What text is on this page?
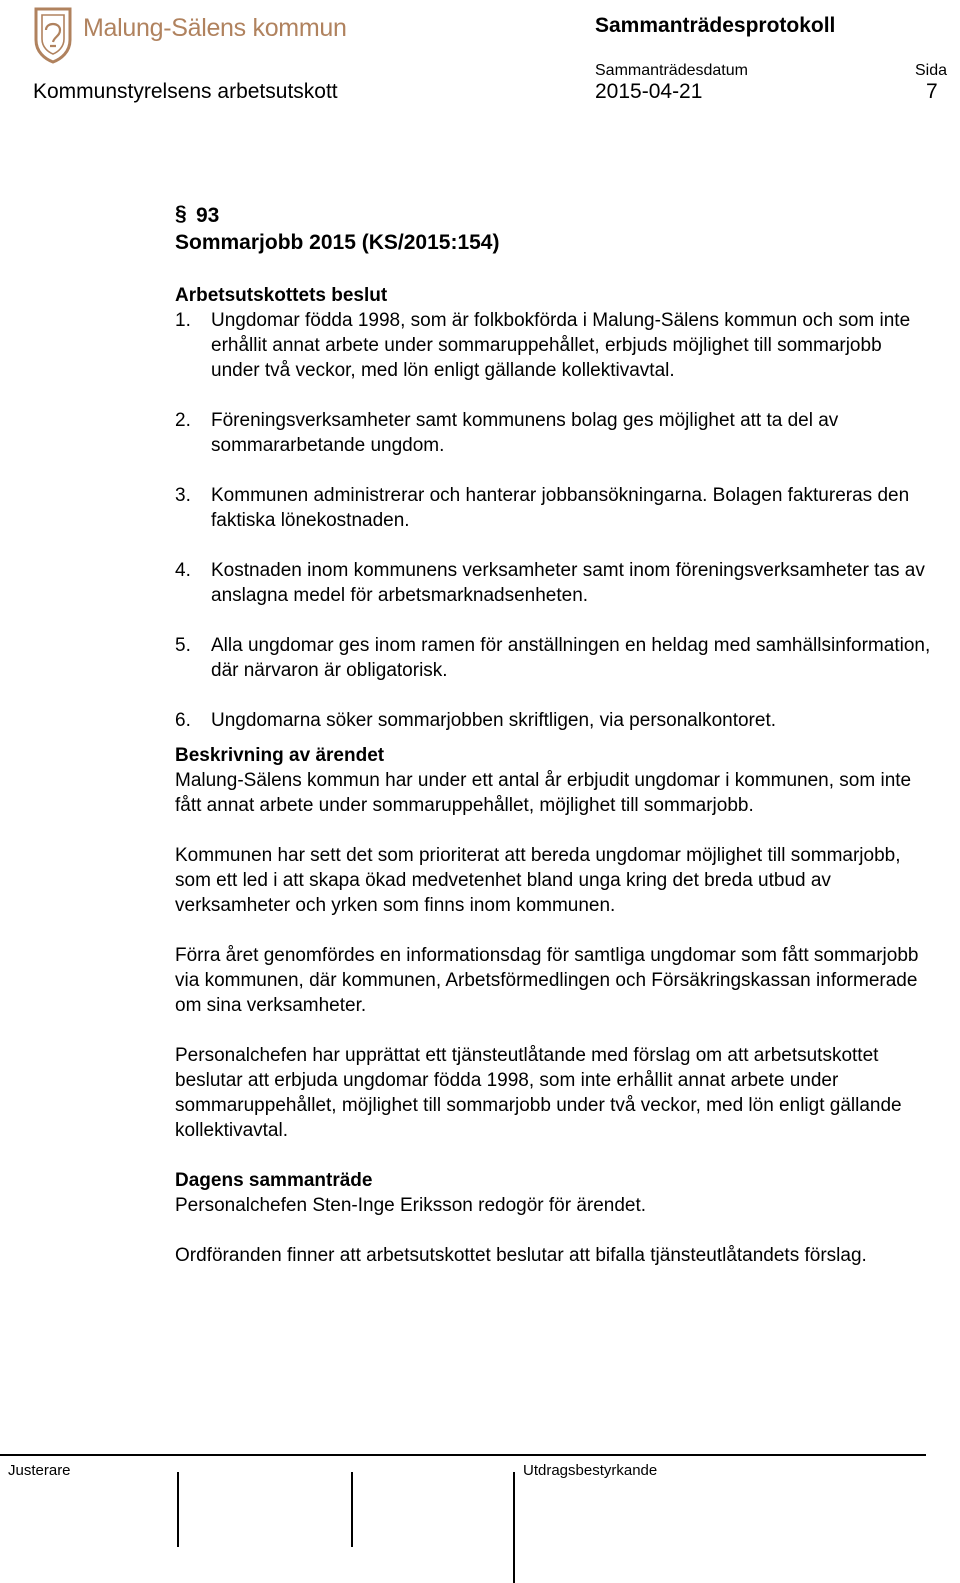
Malung-Sälens kommun	Sammanträdesprotokoll
Sammanträdesdatum	Sida
Kommunstyrelsens arbetsutskott	2015-04-21	7
§ 93
Sommarjobb 2015 (KS/2015:154)

Arbetsutskottets beslut

1. Ungdomar födda 1998, som är folkbokförda i Malung-Sälens kommun och som inte erhållit annat arbete under sommaruppehållet, erbjuds möjlighet till sommarjobb under två veckor, med lön enligt gällande kollektivavtal.
2. Föreningsverksamheter samt kommunens bolag ges möjlighet att ta del av sommararbetande ungdom.
3. Kommunen administrerar och hanterar jobbansökningarna. Bolagen faktureras den faktiska lönekostnaden.
4. Kostnaden inom kommunens verksamheter samt inom föreningsverksamheter tas av anslagna medel för arbetsmarknadsenheten.
5. Alla ungdomar ges inom ramen för anställningen en heldag med samhällsinformation, där närvaron är obligatorisk.
6. Ungdomarna söker sommarjobben skriftligen, via personalkontoret.

Beskrivning av ärendet

Malung-Sälens kommun har under ett antal år erbjudit ungdomar i kommunen, som inte fått annat arbete under sommaruppehållet, möjlighet till sommarjobb.

Kommunen har sett det som prioriterat att bereda ungdomar möjlighet till sommarjobb, som ett led i att skapa ökad medvetenhet bland unga kring det breda utbud av verksamheter och yrken som finns inom kommunen.

Förra året genomfördes en informationsdag för samtliga ungdomar som fått sommarjobb via kommunen, där kommunen, Arbetsförmedlingen och Försäkringskassan informerade om sina verksamheter.

Personalchefen har upprättat ett tjänsteutlåtande med förslag om att arbetsutskottet beslutar att erbjuda ungdomar födda 1998, som inte erhållit annat arbete under sommaruppehållet, möjlighet till sommarjobb under två veckor, med lön enligt gällande kollektivavtal.

Dagens sammanträde

Personalchefen Sten-Inge Eriksson redogör för ärendet.

Ordföranden finner att arbetsutskottet beslutar att bifalla tjänsteutlåtandets förslag.

Justerare	Utdragsbestyrkande
